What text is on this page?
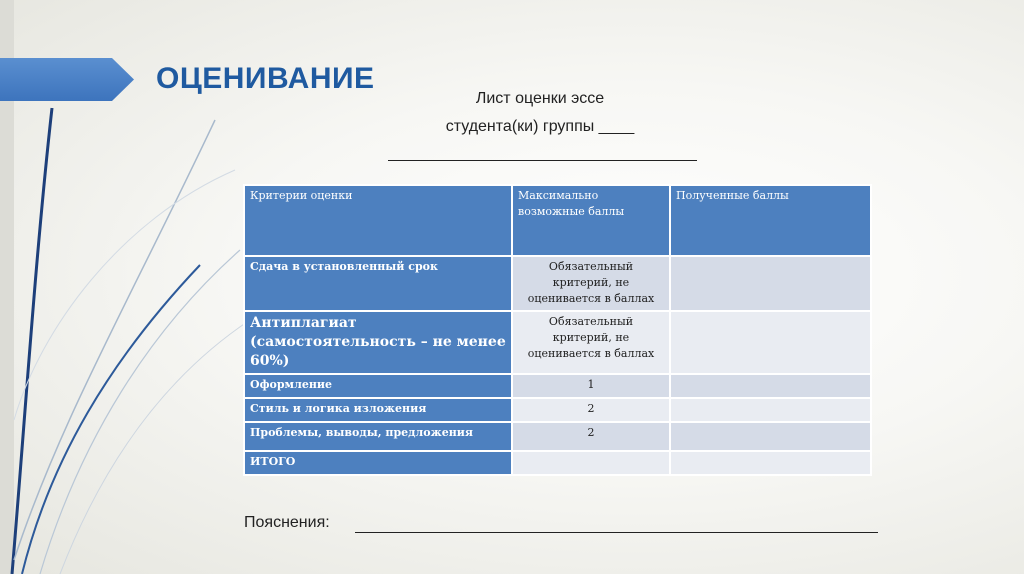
ОЦЕНИВАНИЕ
Лист оценки эссе
студента(ки) группы ____
Критерии оценки	Максимально возможные баллы	Полученные баллы
Сдача в установленный срок	Обязательный критерий, не оценивается в баллах	
Антиплагиат (самостоятельность – не менее 60%)	Обязательный критерий, не оценивается в баллах	
Оформление	1	
Стиль и логика изложения	2	
Проблемы, выводы, предложения	2	
ИТОГО		
Пояснения:
